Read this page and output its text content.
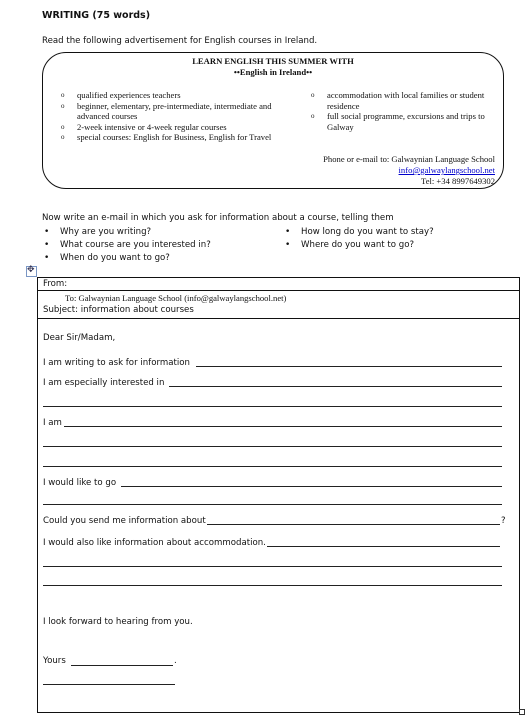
WRITING (75 words)
Read the following advertisement for English courses in Ireland.
LEARN ENGLISH THIS SUMMER WITH
••English in Ireland••
o qualified experiences teachers
o beginner, elementary, pre-intermediate, intermediate and advanced courses
o 2-week intensive or 4-week regular courses
o special courses: English for Business, English for Travel
o accommodation with local families or student residence
o full social programme, excursions and trips to Galway
Phone or e-mail to: Galwaynian Language School
info@galwaylangschool.net
Tel: +34 8997649302
Now write an e-mail in which you ask for information about a course, telling them
• Why are you writing?
• What course are you interested in?
• When do you want to go?
• How long do you want to stay?
• Where do you want to go?
✥
From:
To: Galwaynian Language School (info@galwaylangschool.net)
Subject: information about courses
Dear Sir/Madam,
I am writing to ask for information
I am especially interested in
I am
I would like to go
Could you send me information about	?
I would also like information about accommodation.
I look forward to hearing from you.
Yours	.
